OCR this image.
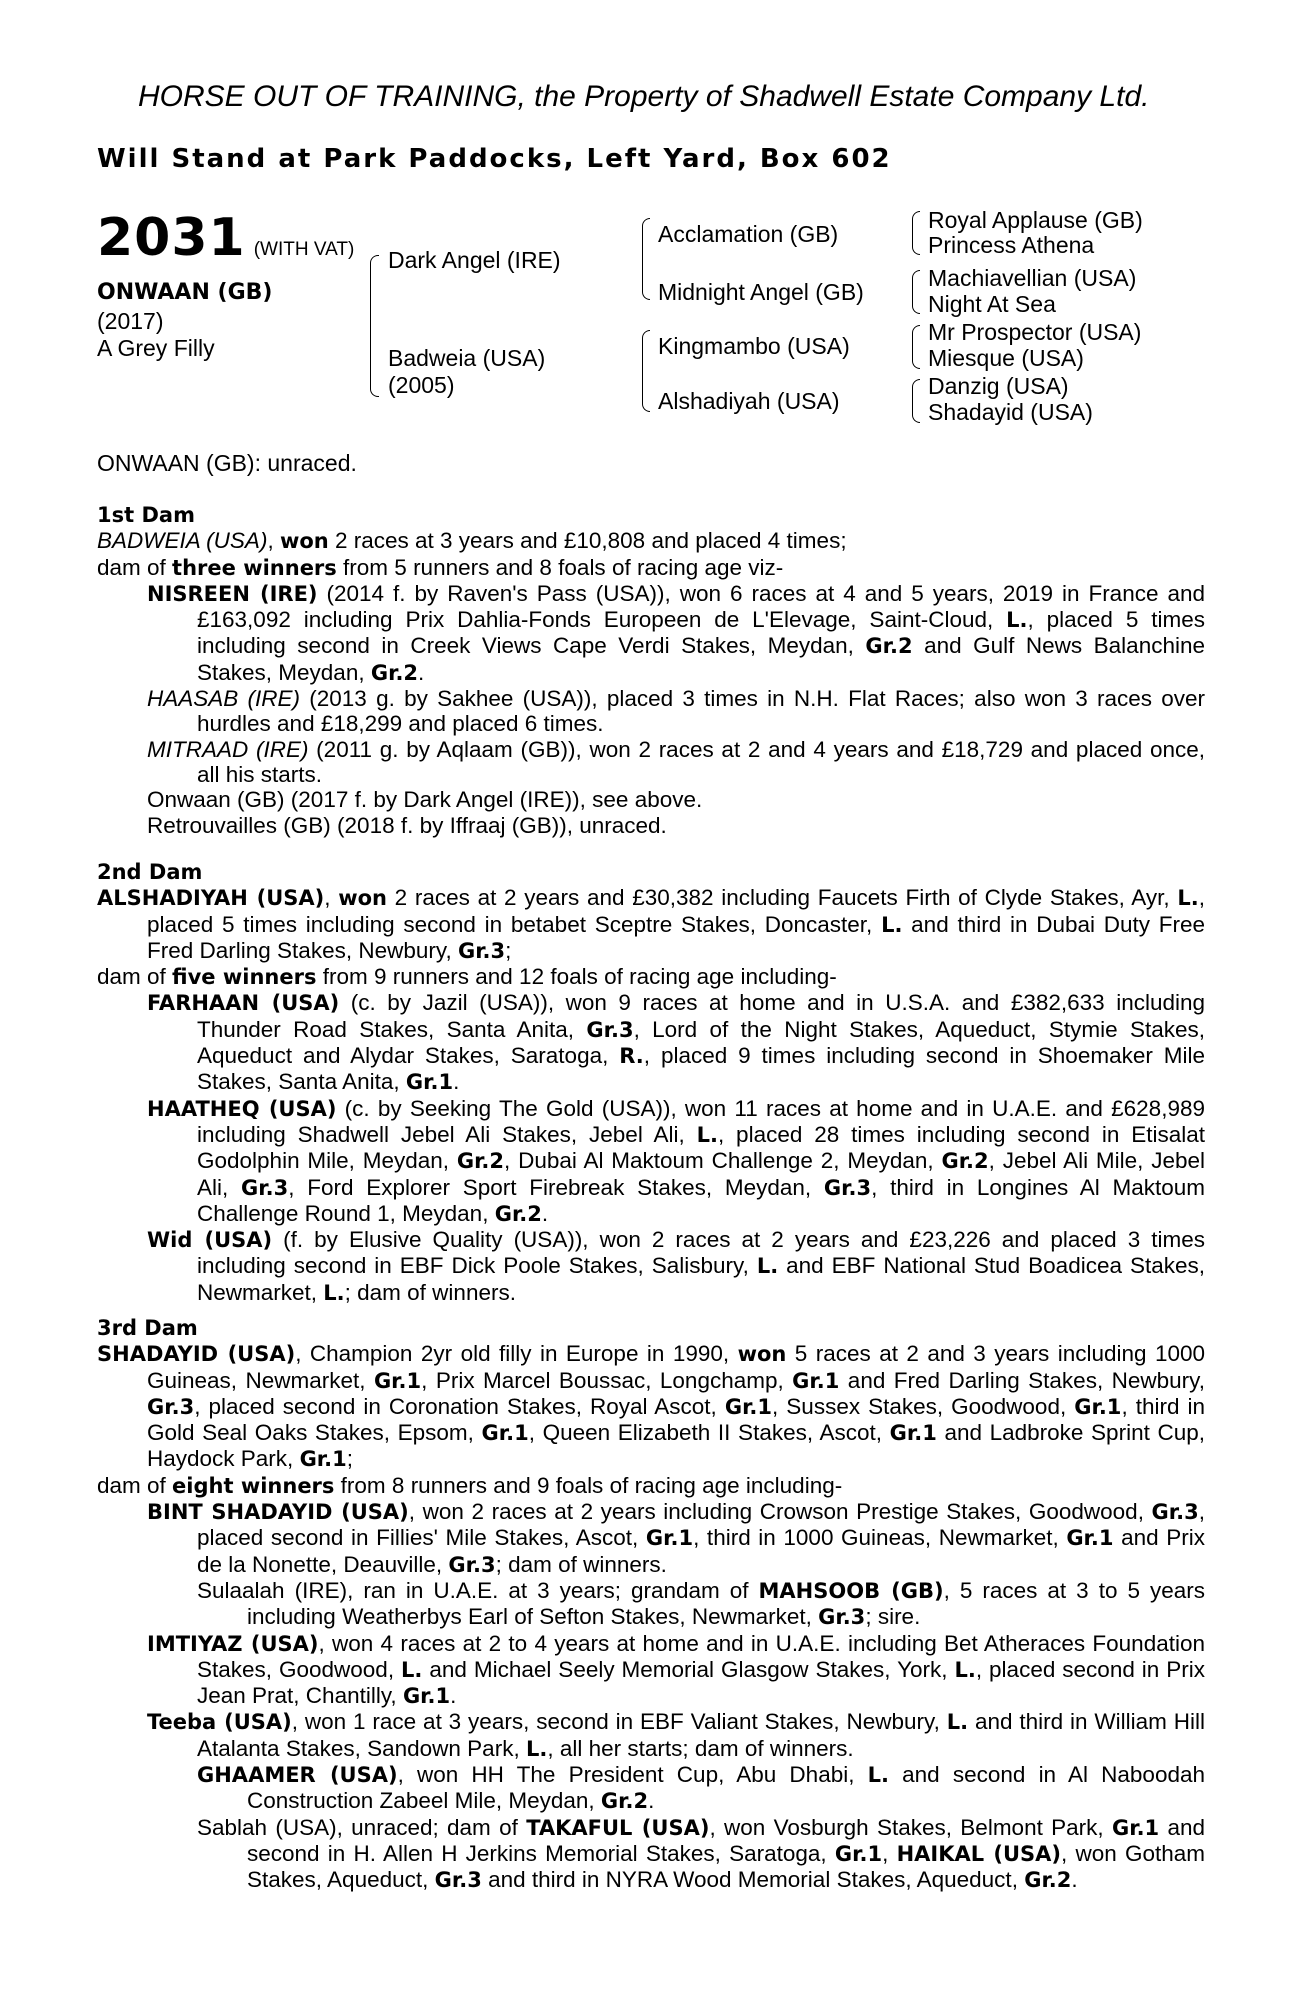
HORSE OUT OF TRAINING, the Property of Shadwell Estate Company Ltd.
Will Stand at Park Paddocks, Left Yard, Box 602
2031 (WITH VAT)
ONWAAN (GB)
(2017)
A Grey Filly
Dark Angel (IRE)
Badweia (USA)
(2005)
Acclamation (GB)
Midnight Angel (GB)
Kingmambo (USA)
Alshadiyah (USA)
Royal Applause (GB)
Princess Athena
Machiavellian (USA)
Night At Sea
Mr Prospector (USA)
Miesque (USA)
Danzig (USA)
Shadayid (USA)
ONWAAN (GB): unraced.
1st Dam

BADWEIA (USA), won 2 races at 3 years and £10,808 and placed 4 times;

dam of three winners from 5 runners and 8 foals of racing age viz-

NISREEN (IRE) (2014 f. by Raven's Pass (USA)), won 6 races at 4 and 5 years, 2019 in France and £163,092 including Prix Dahlia-Fonds Europeen de L'Elevage, Saint-Cloud, L., placed 5 times including second in Creek Views Cape Verdi Stakes, Meydan, Gr.2 and Gulf News Balanchine Stakes, Meydan, Gr.2.

HAASAB (IRE) (2013 g. by Sakhee (USA)), placed 3 times in N.H. Flat Races; also won 3 races over hurdles and £18,299 and placed 6 times.

MITRAAD (IRE) (2011 g. by Aqlaam (GB)), won 2 races at 2 and 4 years and £18,729 and placed once, all his starts.

Onwaan (GB) (2017 f. by Dark Angel (IRE)), see above.

Retrouvailles (GB) (2018 f. by Iffraaj (GB)), unraced.

2nd Dam

ALSHADIYAH (USA), won 2 races at 2 years and £30,382 including Faucets Firth of Clyde Stakes, Ayr, L., placed 5 times including second in betabet Sceptre Stakes, Doncaster, L. and third in Dubai Duty Free Fred Darling Stakes, Newbury, Gr.3;

dam of five winners from 9 runners and 12 foals of racing age including-

FARHAAN (USA) (c. by Jazil (USA)), won 9 races at home and in U.S.A. and £382,633 including Thunder Road Stakes, Santa Anita, Gr.3, Lord of the Night Stakes, Aqueduct, Stymie Stakes, Aqueduct and Alydar Stakes, Saratoga, R., placed 9 times including second in Shoemaker Mile Stakes, Santa Anita, Gr.1.

HAATHEQ (USA) (c. by Seeking The Gold (USA)), won 11 races at home and in U.A.E. and £628,989 including Shadwell Jebel Ali Stakes, Jebel Ali, L., placed 28 times including second in Etisalat Godolphin Mile, Meydan, Gr.2, Dubai Al Maktoum Challenge 2, Meydan, Gr.2, Jebel Ali Mile, Jebel Ali, Gr.3, Ford Explorer Sport Firebreak Stakes, Meydan, Gr.3, third in Longines Al Maktoum Challenge Round 1, Meydan, Gr.2.

Wid (USA) (f. by Elusive Quality (USA)), won 2 races at 2 years and £23,226 and placed 3 times including second in EBF Dick Poole Stakes, Salisbury, L. and EBF National Stud Boadicea Stakes, Newmarket, L.; dam of winners.

3rd Dam

SHADAYID (USA), Champion 2yr old filly in Europe in 1990, won 5 races at 2 and 3 years including 1000 Guineas, Newmarket, Gr.1, Prix Marcel Boussac, Longchamp, Gr.1 and Fred Darling Stakes, Newbury, Gr.3, placed second in Coronation Stakes, Royal Ascot, Gr.1, Sussex Stakes, Goodwood, Gr.1, third in Gold Seal Oaks Stakes, Epsom, Gr.1, Queen Elizabeth II Stakes, Ascot, Gr.1 and Ladbroke Sprint Cup, Haydock Park, Gr.1;

dam of eight winners from 8 runners and 9 foals of racing age including-

BINT SHADAYID (USA), won 2 races at 2 years including Crowson Prestige Stakes, Goodwood, Gr.3, placed second in Fillies' Mile Stakes, Ascot, Gr.1, third in 1000 Guineas, Newmarket, Gr.1 and Prix de la Nonette, Deauville, Gr.3; dam of winners.

Sulaalah (IRE), ran in U.A.E. at 3 years; grandam of MAHSOOB (GB), 5 races at 3 to 5 years including Weatherbys Earl of Sefton Stakes, Newmarket, Gr.3; sire.

IMTIYAZ (USA), won 4 races at 2 to 4 years at home and in U.A.E. including Bet Atheraces Foundation Stakes, Goodwood, L. and Michael Seely Memorial Glasgow Stakes, York, L., placed second in Prix Jean Prat, Chantilly, Gr.1.

Teeba (USA), won 1 race at 3 years, second in EBF Valiant Stakes, Newbury, L. and third in William Hill Atalanta Stakes, Sandown Park, L., all her starts; dam of winners.

GHAAMER (USA), won HH The President Cup, Abu Dhabi, L. and second in Al Naboodah Construction Zabeel Mile, Meydan, Gr.2.

Sablah (USA), unraced; dam of TAKAFUL (USA), won Vosburgh Stakes, Belmont Park, Gr.1 and second in H. Allen H Jerkins Memorial Stakes, Saratoga, Gr.1, HAIKAL (USA), won Gotham Stakes, Aqueduct, Gr.3 and third in NYRA Wood Memorial Stakes, Aqueduct, Gr.2.
